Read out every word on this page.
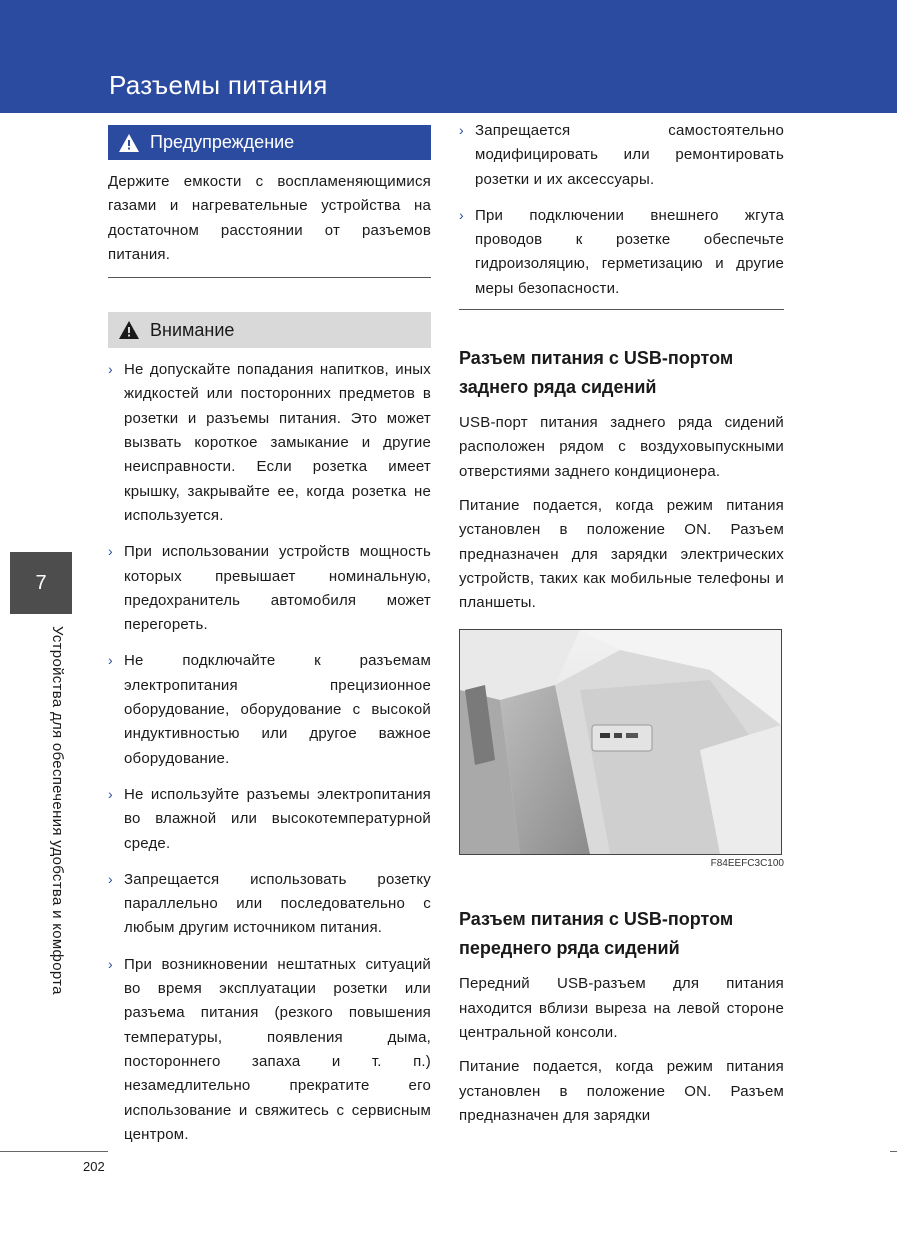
Разъемы питания
Предупреждение

Держите емкости с воспламеняющимися газами и нагревательные устройства на достаточном расстоянии от разъемов питания.

Внимание
› Не допускайте попадания напитков, иных жидкостей или посторонних предметов в розетки и разъемы питания. Это может вызвать короткое замыкание и другие неисправности. Если розетка имеет крышку, закрывайте ее, когда розетка не используется.

› При использовании устройств мощность которых превышает номинальную, предохранитель автомобиля может перегореть.

› Не подключайте к разъемам электропитания прецизионное оборудование, оборудование с высокой индуктивностью или другое важное оборудование.

› Не используйте разъемы электропитания во влажной или высокотемпературной среде.

› Запрещается использовать розетку параллельно или последовательно с любым другим источником питания.

› При возникновении нештатных ситуаций во время эксплуатации розетки или разъема питания (резкого повышения температуры, появления дыма, постороннего запаха и т. п.) незамедлительно прекратите его использование и свяжитесь с сервисным центром.

› Запрещается самостоятельно модифицировать или ремонтировать розетки и их аксессуары.

› При подключении внешнего жгута проводов к розетке обеспечьте гидроизоляцию, герметизацию и другие меры безопасности.

Разъем питания с USB-портом заднего ряда сидений

USB-порт питания заднего ряда сидений расположен рядом с воздуховыпускными отверстиями заднего кондиционера.

Питание подается, когда режим питания установлен в положение ON. Разъем предназначен для зарядки электрических устройств, таких как мобильные телефоны и планшеты.

F84EEFC3C100
Разъем питания с USB-портом переднего ряда сидений

Передний USB-разъем для питания находится вблизи выреза на левой стороне центральной консоли.

Питание подается, когда режим питания установлен в положение ON. Разъем предназначен для зарядки

7
Устройства для обеспечения удобства и комфорта
202
